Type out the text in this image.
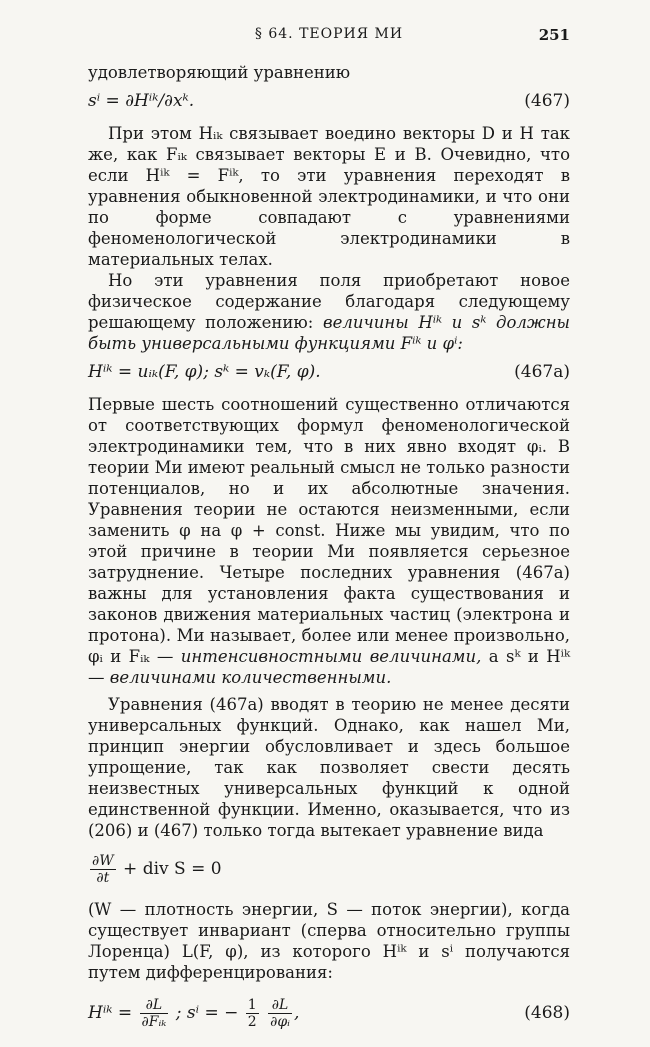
§ 64. ТЕОРИЯ МИ	251

удовлетворяющий уравнению

sⁱ = ∂Hⁱᵏ/∂xᵏ.	(467)

При этом Hᵢₖ связывает воедино векторы D и H так же, как Fᵢₖ связывает векторы E и B. Очевидно, что если Hⁱᵏ = Fⁱᵏ, то эти уравнения переходят в уравнения обыкновенной электродинамики, и что они по форме совпадают с уравнениями феноменологической электродинамики в материальных телах.

Но эти уравнения поля приобретают новое физическое содержание благодаря следующему решающему положению: величины Hⁱᵏ и sᵏ должны быть универсальными функциями Fⁱᵏ и φⁱ:

Hⁱᵏ = uᵢₖ(F, φ); sᵏ = vₖ(F, φ).	(467a)

Первые шесть соотношений существенно отличаются от соответствующих формул феноменологической электродинамики тем, что в них явно входят φᵢ. В теории Ми имеют реальный смысл не только разности потенциалов, но и их абсолютные значения. Уравнения теории не остаются неизменными, если заменить φ на φ + const. Ниже мы увидим, что по этой причине в теории Ми появляется серьезное затруднение. Четыре последних уравнения (467a) важны для установления факта существования и законов движения материальных частиц (электрона и протона). Ми называет, более или менее произвольно, φᵢ и Fᵢₖ — интенсивностными величинами, а sᵏ и Hⁱᵏ — величинами количественными.

Уравнения (467a) вводят в теорию не менее десяти универсальных функций. Однако, как нашел Ми, принцип энергии обусловливает и здесь большое упрощение, так как позволяет свести десять неизвестных универсальных функций к одной единственной функции. Именно, оказывается, что из (206) и (467) только тогда вытекает уравнение вида

$\frac{\partial W}{\partial t}$ + div S = 0

(W — плотность энергии, S — поток энергии), когда существует инвариант (сперва относительно группы Лоренца) L(F, φ), из которого Hⁱᵏ и sⁱ получаются путем дифференцирования:

Hⁱᵏ = $\frac{\partial L}{\text{∂Fᵢₖ}}$ ; sⁱ = − $\frac{1}{2}$
$\frac{\partial L}{\text{∂φᵢ}}$ ,	(468)
